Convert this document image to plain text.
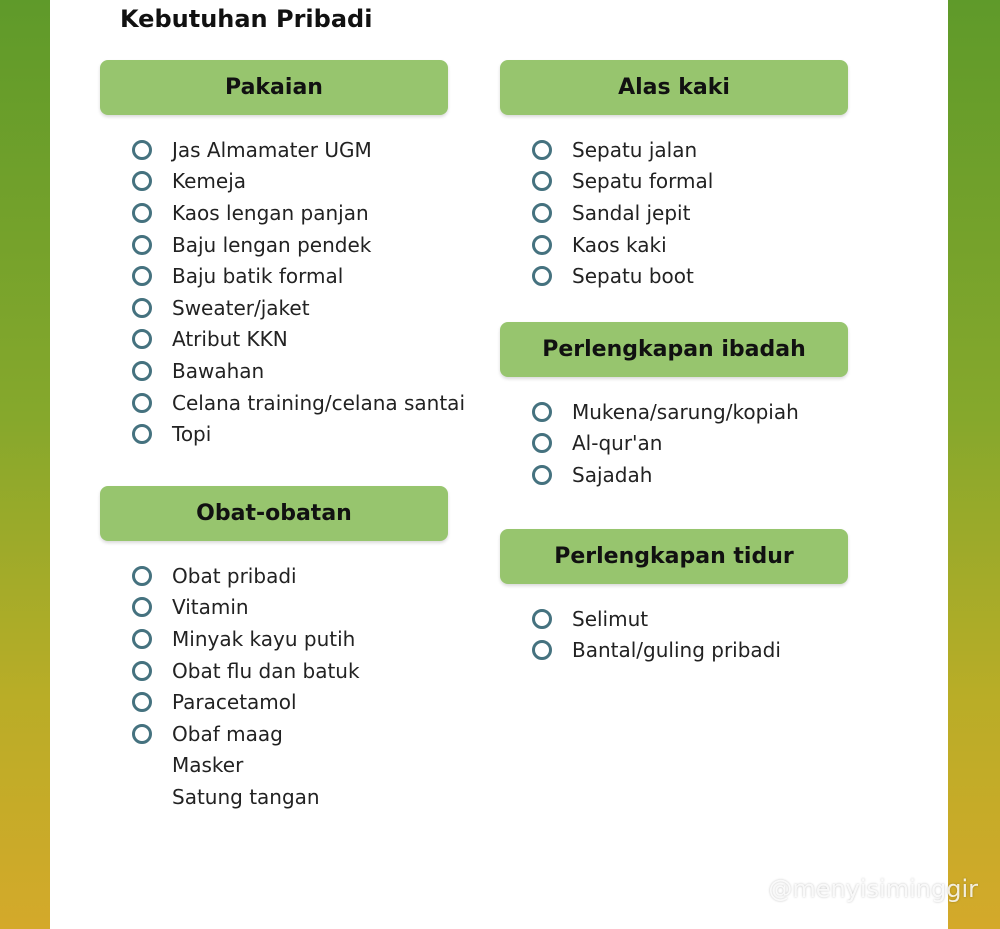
Kebutuhan Pribadi
Pakaian
Jas Almamater UGM
Kemeja
Kaos lengan panjan
Baju lengan pendek
Baju batik formal
Sweater/jaket
Atribut KKN
Bawahan
Celana training/celana santai
Topi
Obat-obatan
Obat pribadi
Vitamin
Minyak kayu putih
Obat flu dan batuk
Paracetamol
Obaf maag
Masker
Satung tangan
Alas kaki
Sepatu jalan
Sepatu formal
Sandal jepit
Kaos kaki
Sepatu boot
Perlengkapan ibadah
Mukena/sarung/kopiah
Al-qur'an
Sajadah
Perlengkapan tidur
Selimut
Bantal/guling pribadi
@menyisiminggir
